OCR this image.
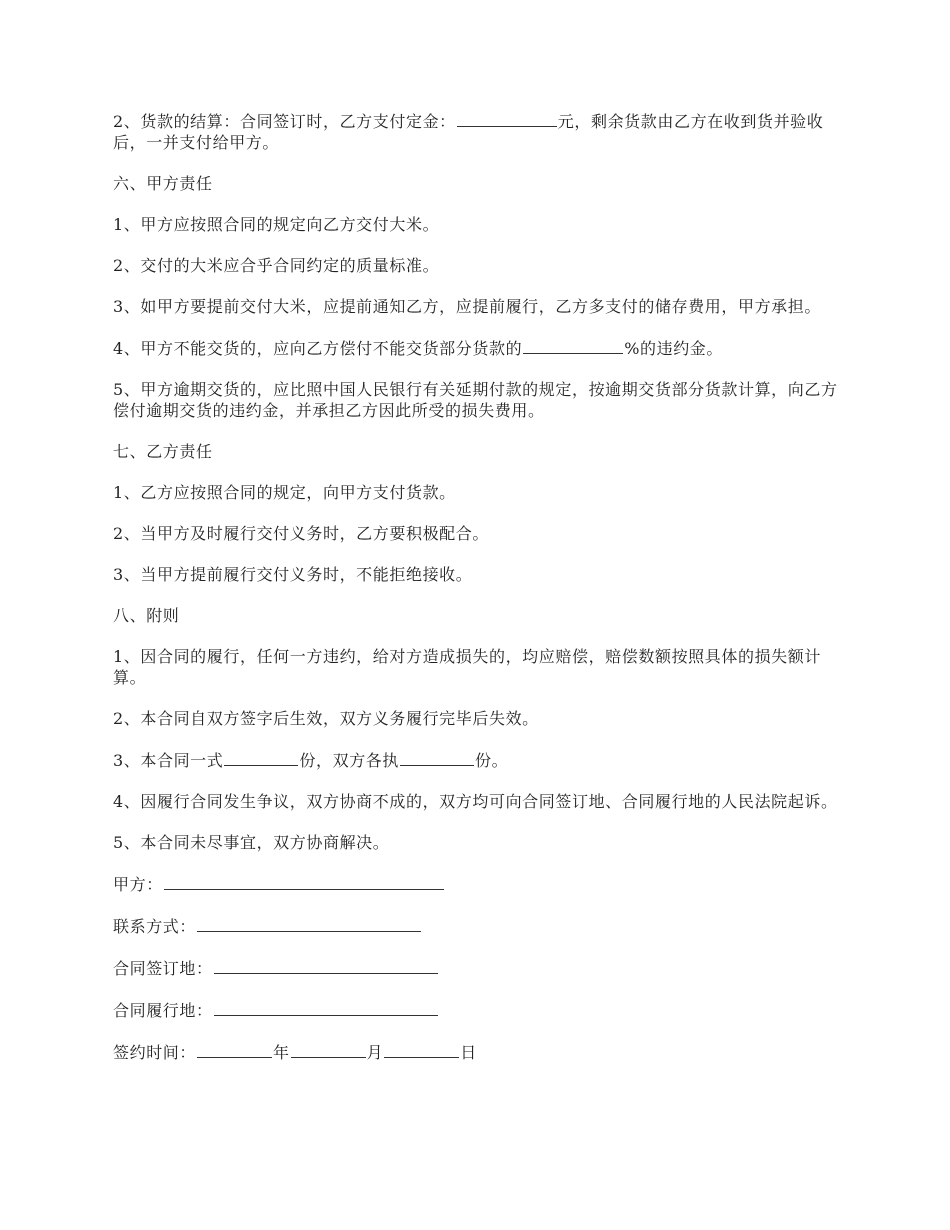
2、货款的结算：合同签订时，乙方支付定金：	元，剩余货款由乙方在收到货并验收后，一并支付给甲方。

六、甲方责任

1、甲方应按照合同的规定向乙方交付大米。

2、交付的大米应合乎合同约定的质量标准。

3、如甲方要提前交付大米，应提前通知乙方，应提前履行，乙方多支付的储存费用，甲方承担。

4、甲方不能交货的，应向乙方偿付不能交货部分货款的	%的违约金。

5、甲方逾期交货的，应比照中国人民银行有关延期付款的规定，按逾期交货部分货款计算，向乙方偿付逾期交货的违约金，并承担乙方因此所受的损失费用。

七、乙方责任

1、乙方应按照合同的规定，向甲方支付货款。

2、当甲方及时履行交付义务时，乙方要积极配合。

3、当甲方提前履行交付义务时，不能拒绝接收。

八、附则

1、因合同的履行，任何一方违约，给对方造成损失的，均应赔偿，赔偿数额按照具体的损失额计算。

2、本合同自双方签字后生效，双方义务履行完毕后失效。

3、本合同一式	份，双方各执	份。

4、因履行合同发生争议，双方协商不成的，双方均可向合同签订地、合同履行地的人民法院起诉。

5、本合同未尽事宜，双方协商解决。

甲方：

联系方式：

合同签订地：

合同履行地：

签约时间：	年	月	日
